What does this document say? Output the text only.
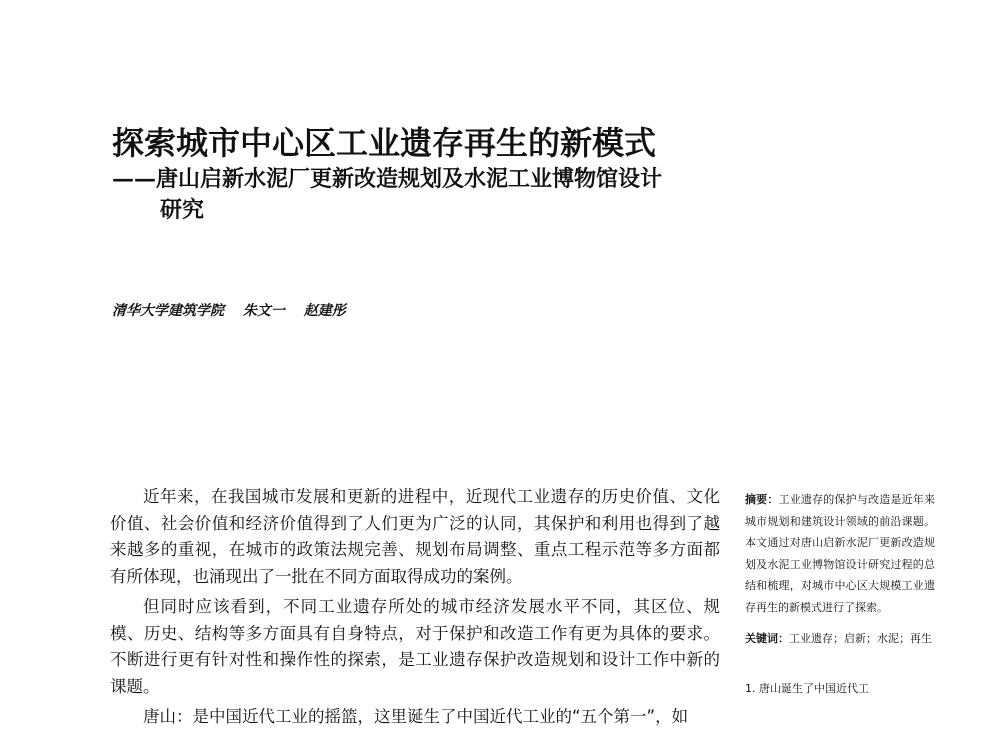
探索城市中心区工业遗存再生的新模式
——唐山启新水泥厂更新改造规划及水泥工业博物馆设计
研究
清华大学建筑学院 朱文一 赵建彤

近年来，在我国城市发展和更新的进程中，近现代工业遗存的历史价值、文化价值、社会价值和经济价值得到了人们更为广泛的认同，其保护和利用也得到了越来越多的重视，在城市的政策法规完善、规划布局调整、重点工程示范等多方面都有所体现，也涌现出了一批在不同方面取得成功的案例。

但同时应该看到，不同工业遗存所处的城市经济发展水平不同，其区位、规模、历史、结构等多方面具有自身特点，对于保护和改造工作有更为具体的要求。不断进行更有针对性和操作性的探索，是工业遗存保护改造规划和设计工作中新的课题。

唐山：是中国近代工业的摇篮，这里诞生了中国近代工业的“五个第一”，如

摘要：工业遗存的保护与改造是近年来城市规划和建筑设计领域的前沿课题。本文通过对唐山启新水泥厂更新改造规划及水泥工业博物馆设计研究过程的总结和梳理，对城市中心区大规模工业遗存再生的新模式进行了探索。
关键词：工业遗存；启新；水泥；再生
1. 唐山诞生了中国近代工
